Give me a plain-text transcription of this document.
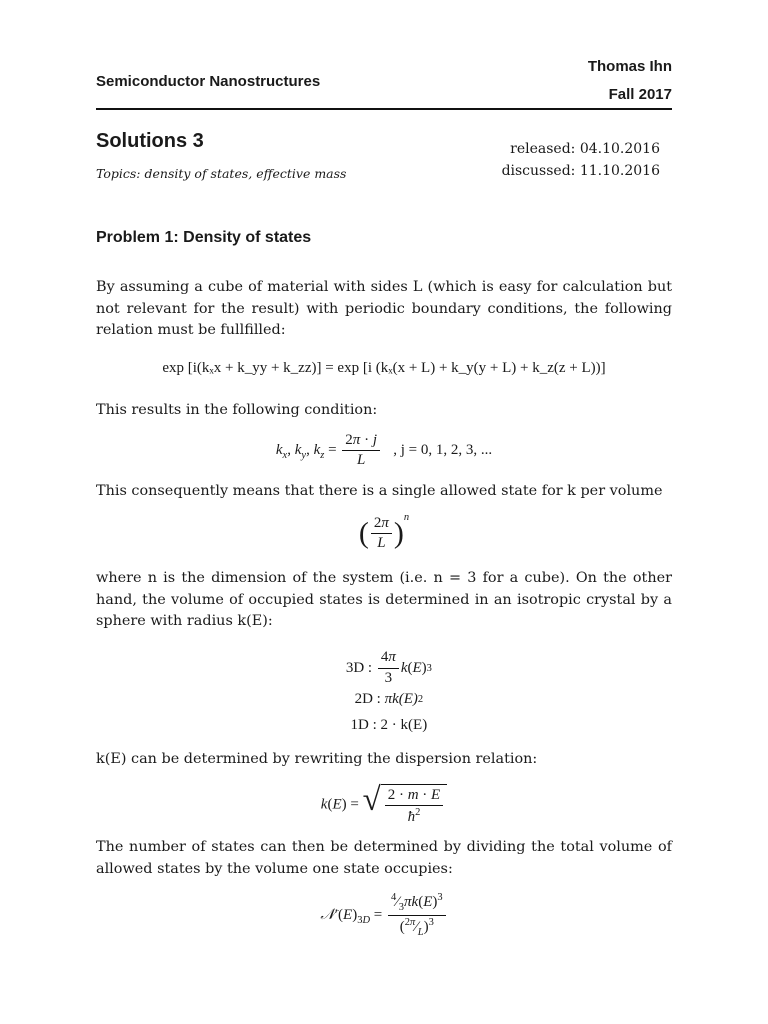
Thomas Ihn
Semiconductor Nanostructures
Fall 2017
Solutions 3
Topics: density of states, effective mass
released: 04.10.2016
discussed: 11.10.2016
Problem 1: Density of states
By assuming a cube of material with sides L (which is easy for calculation but not relevant for the result) with periodic boundary conditions, the following relation must be fullfilled:
exp [i(kₓx + k_yy + k_zz)] = exp [i (kₓ(x + L) + k_y(y + L) + k_z(z + L))]
This results in the following condition:
$k_x$, $k_y$, $k_z = \frac{2\pi \cdot j}{L}$ , j = 0, 1, 2, 3, ...
This consequently means that there is a single allowed state for k per volume
( $\frac{2\pi}{L} )^n$
where n is the dimension of the system (i.e. n = 3 for a cube). On the other hand, the volume of occupied states is determined in an isotropic crystal by a sphere with radius k(E):
3D :
$\frac{4\pi}{3}$ k ( E ) 3
2D :
πk(E) 2
1D :
2 · k(E)
k(E) can be determined by rewriting the dispersion relation:
k(E) = √ $\frac{2 \cdot m \cdot E}{ħ^2}$
The number of states can then be determined by dividing the total volume of allowed states by the volume one state occupies:
$𝒩'(E)_{3D} = \frac{^4⁄_3\pi k(E)^3}{(^{2\pi}⁄_L)^3}$
